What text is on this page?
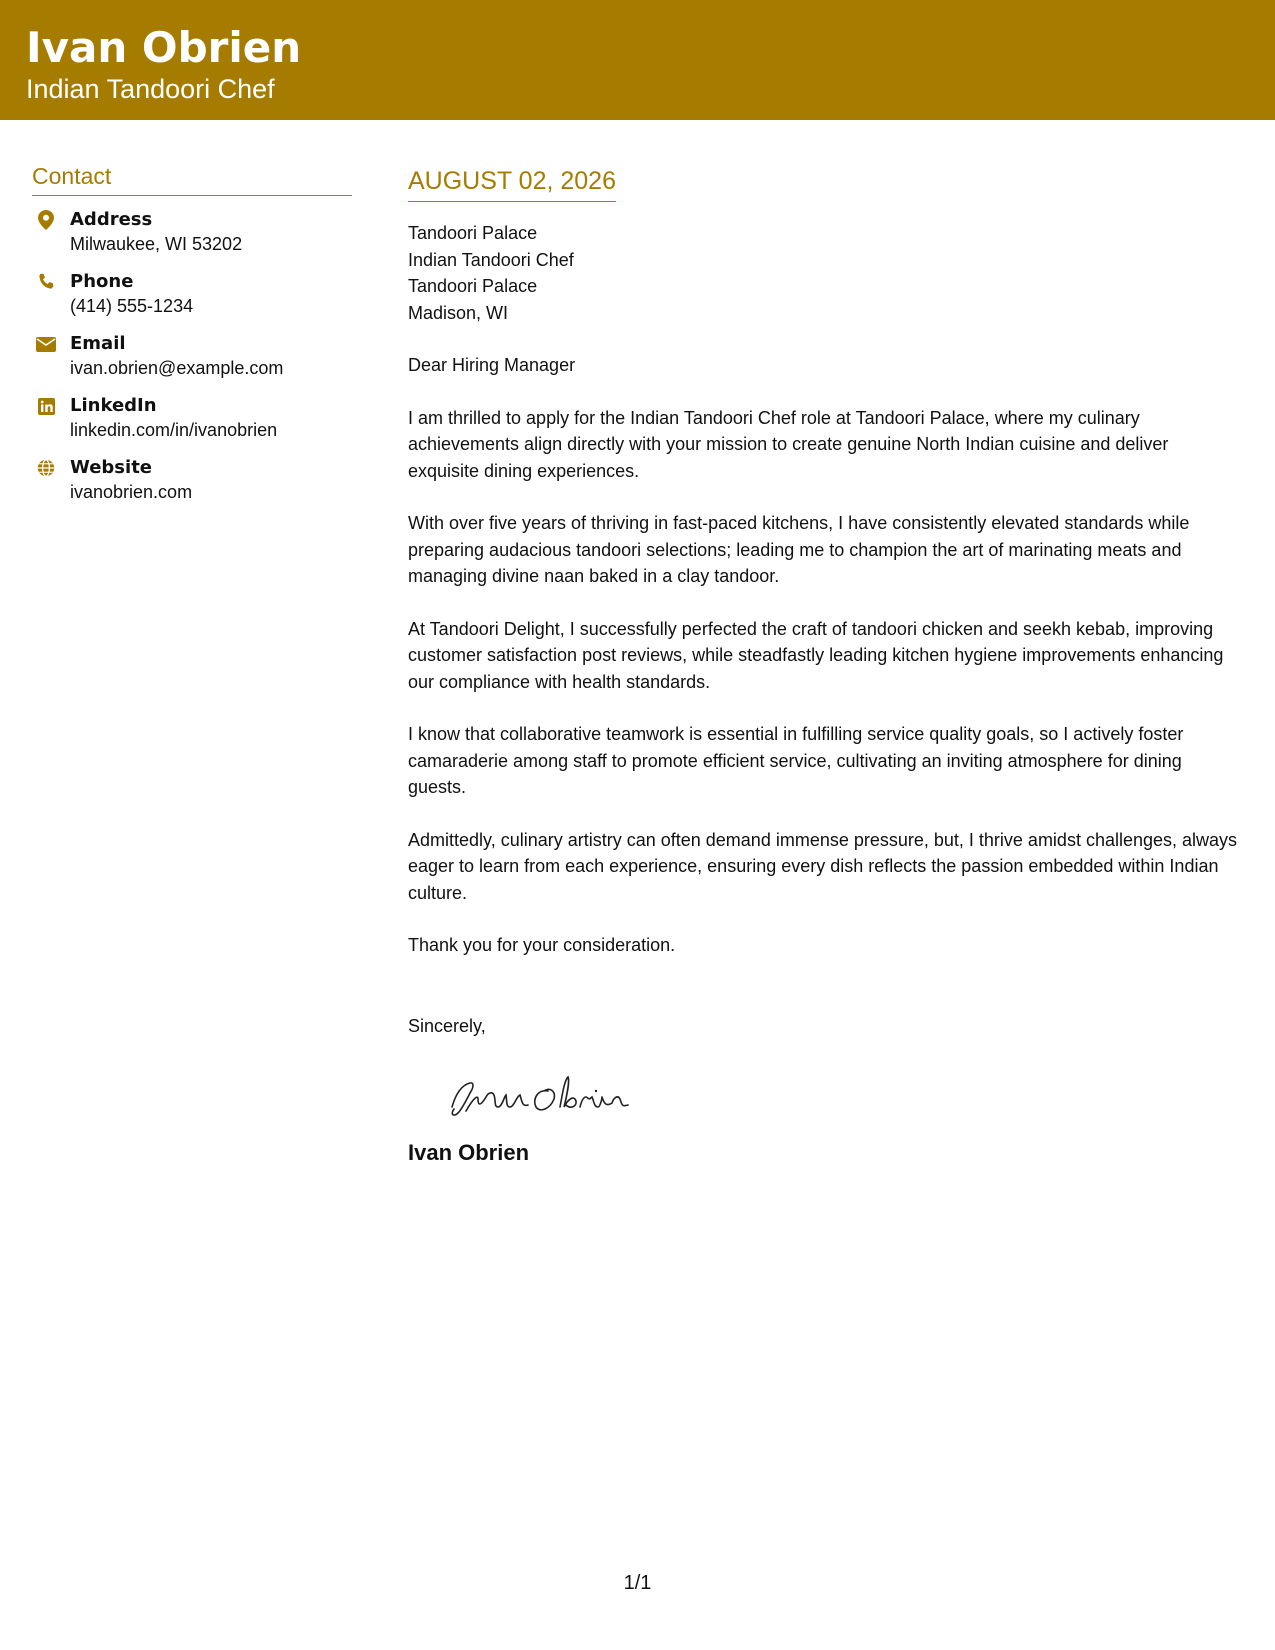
Ivan Obrien
Indian Tandoori Chef
Contact
Address
Milwaukee, WI 53202
Phone
(414) 555-1234
Email
ivan.obrien@example.com
LinkedIn
linkedin.com/in/ivanobrien
Website
ivanobrien.com
AUGUST 02, 2026
Tandoori Palace
Indian Tandoori Chef
Tandoori Palace
Madison, WI
Dear Hiring Manager

I am thrilled to apply for the Indian Tandoori Chef role at Tandoori Palace, where my culinary achievements align directly with your mission to create genuine North Indian cuisine and deliver exquisite dining experiences.

With over five years of thriving in fast-paced kitchens, I have consistently elevated standards while preparing audacious tandoori selections; leading me to champion the art of marinating meats and managing divine naan baked in a clay tandoor.

At Tandoori Delight, I successfully perfected the craft of tandoori chicken and seekh kebab, improving customer satisfaction post reviews, while steadfastly leading kitchen hygiene improvements enhancing our compliance with health standards.

I know that collaborative teamwork is essential in fulfilling service quality goals, so I actively foster camaraderie among staff to promote efficient service, cultivating an inviting atmosphere for dining guests.

Admittedly, culinary artistry can often demand immense pressure, but, I thrive amidst challenges, always eager to learn from each experience, ensuring every dish reflects the passion embedded within Indian culture.

Thank you for your consideration.

Sincerely,
Ivan Obrien
1/1
